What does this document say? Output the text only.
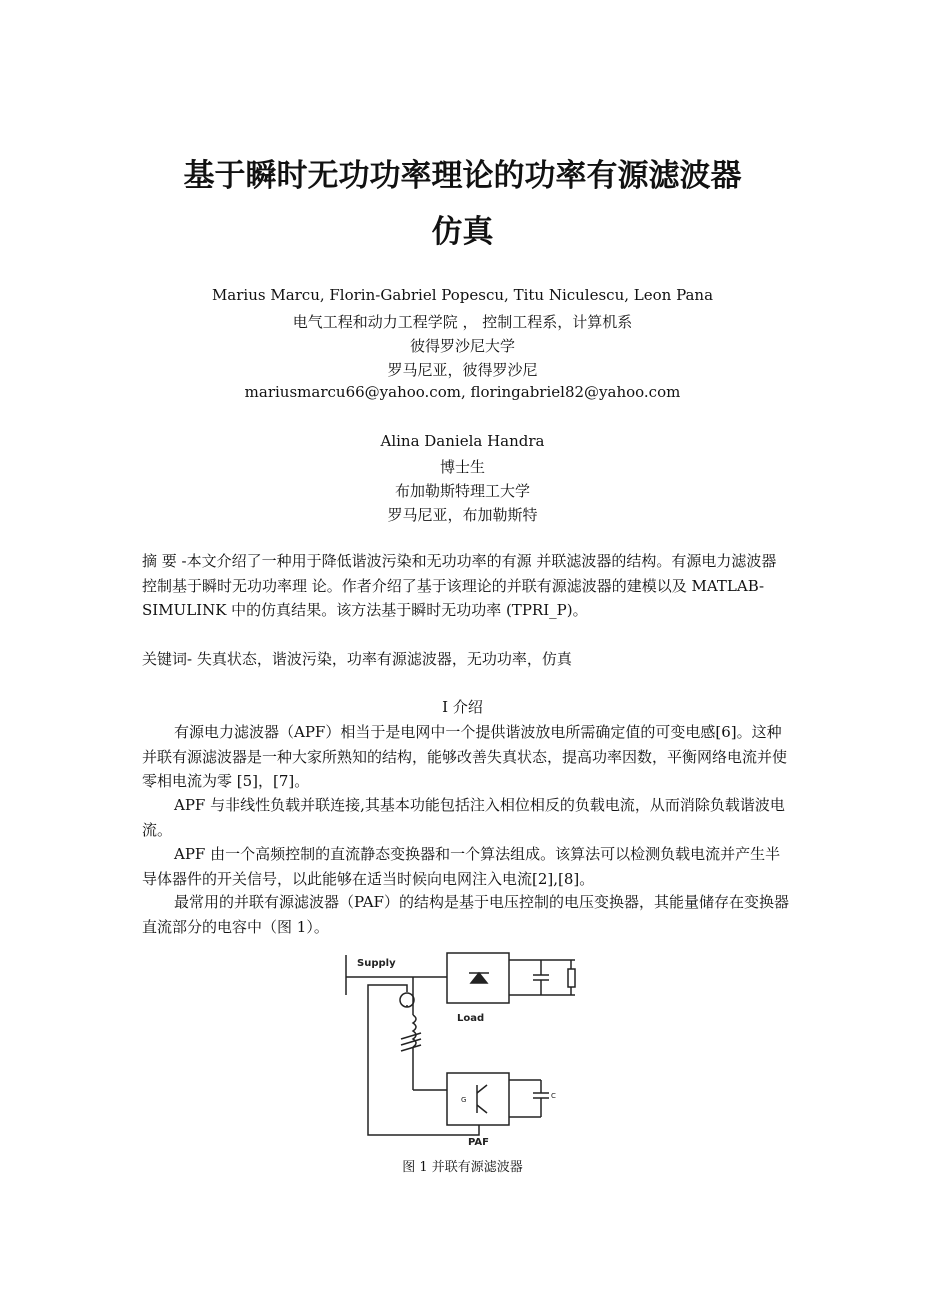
基于瞬时无功功率理论的功率有源滤波器
仿真
Marius Marcu, Florin-Gabriel Popescu, Titu Niculescu, Leon Pana
电气工程和动力工程学院 ， 控制工程系，计算机系
彼得罗沙尼大学
罗马尼亚，彼得罗沙尼
mariusmarcu66@yahoo.com, floringabriel82@yahoo.com
Alina Daniela Handra
博士生
布加勒斯特理工大学
罗马尼亚，布加勒斯特
摘 要 -本文介绍了一种用于降低谐波污染和无功功率的有源 并联滤波器的结构。有源电力滤波器控制基于瞬时无功功率理 论。作者介绍了基于该理论的并联有源滤波器的建模以及 MATLAB-SIMULINK 中的仿真结果。该方法基于瞬时无功功率 (TPRI_P)。
关键词- 失真状态，谐波污染，功率有源滤波器，无功功率，仿真
I 介绍
有源电力滤波器（APF）相当于是电网中一个提供谐波放电所需确定值的可变电感[6]。这种并联有源滤波器是一种大家所熟知的结构，能够改善失真状态，提高功率因数，平衡网络电流并使零相电流为零 [5]，[7]。
APF 与非线性负载并联连接,其基本功能包括注入相位相反的负载电流，从而消除负载谐波电流。
APF 由一个高频控制的直流静态变换器和一个算法组成。该算法可以检测负载电流并产生半导体器件的开关信号，以此能够在适当时候向电网注入电流[2],[8]。
最常用的并联有源滤波器（PAF）的结构是基于电压控制的电压变换器，其能量储存在变换器直流部分的电容中（图 1）。
Supply
Load
PAF
G	C
图 1 并联有源滤波器
